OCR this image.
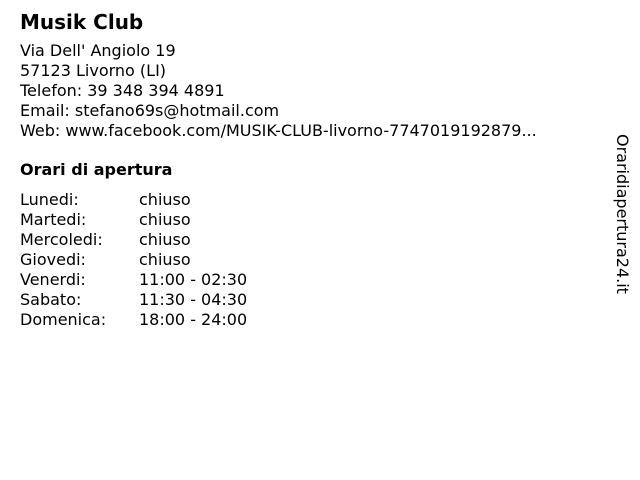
Musik Club
Via Dell' Angiolo 19
57123 Livorno (LI)
Telefon: 39 348 394 4891
Email: stefano69s@hotmail.com
Web: www.facebook.com/MUSIK-CLUB-livorno-7747019192879...
Orari di apertura
Lunedi:	chiuso
Martedi:	chiuso
Mercoledi:	chiuso
Giovedi:	chiuso
Venerdi:	11:00 - 02:30
Sabato:	11:30 - 04:30
Domenica:	18:00 - 24:00
Oraridiapertura24.it
